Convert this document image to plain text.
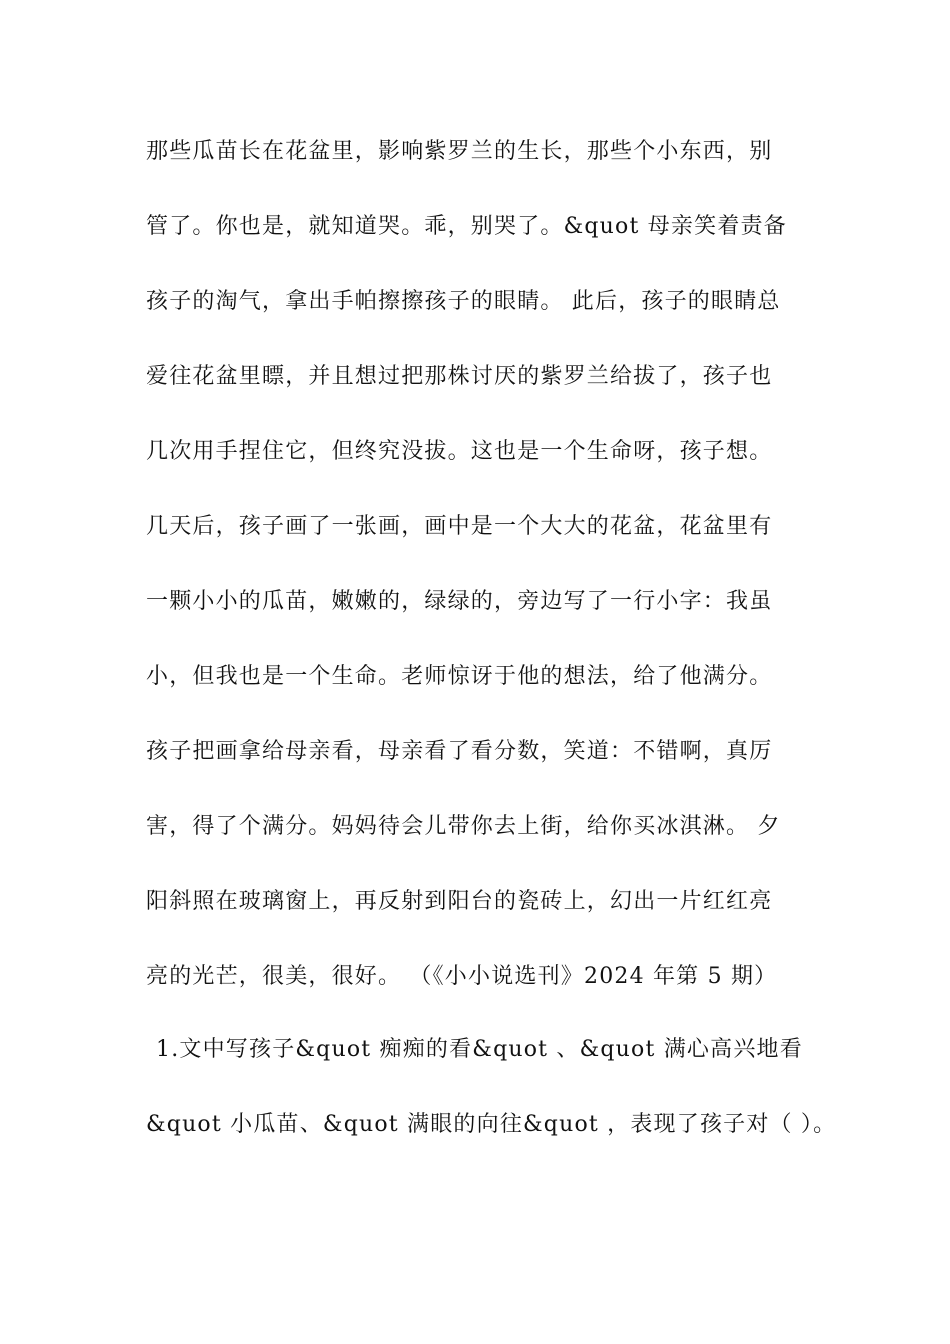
那些瓜苗长在花盆里，影响紫罗兰的生长，那些个小东西，别
管了。你也是，就知道哭。乖，别哭了。&quot 母亲笑着责备
孩子的淘气，拿出手帕擦擦孩子的眼睛。 此后，孩子的眼睛总
爱往花盆里瞟，并且想过把那株讨厌的紫罗兰给拔了，孩子也
几次用手捏住它，但终究没拔。这也是一个生命呀，孩子想。
几天后，孩子画了一张画，画中是一个大大的花盆，花盆里有
一颗小小的瓜苗，嫩嫩的，绿绿的，旁边写了一行小字：我虽
小，但我也是一个生命。老师惊讶于他的想法，给了他满分。
孩子把画拿给母亲看，母亲看了看分数，笑道：不错啊，真厉
害，得了个满分。妈妈待会儿带你去上街，给你买冰淇淋。 夕
阳斜照在玻璃窗上，再反射到阳台的瓷砖上，幻出一片红红亮
亮的光芒，很美，很好。 （《小小说选刊》2024 年第 5 期）
1.文中写孩子&quot 痴痴的看&quot 、&quot 满心高兴地看
&quot 小瓜苗、&quot 满眼的向往&quot ，表现了孩子对（ ）。
